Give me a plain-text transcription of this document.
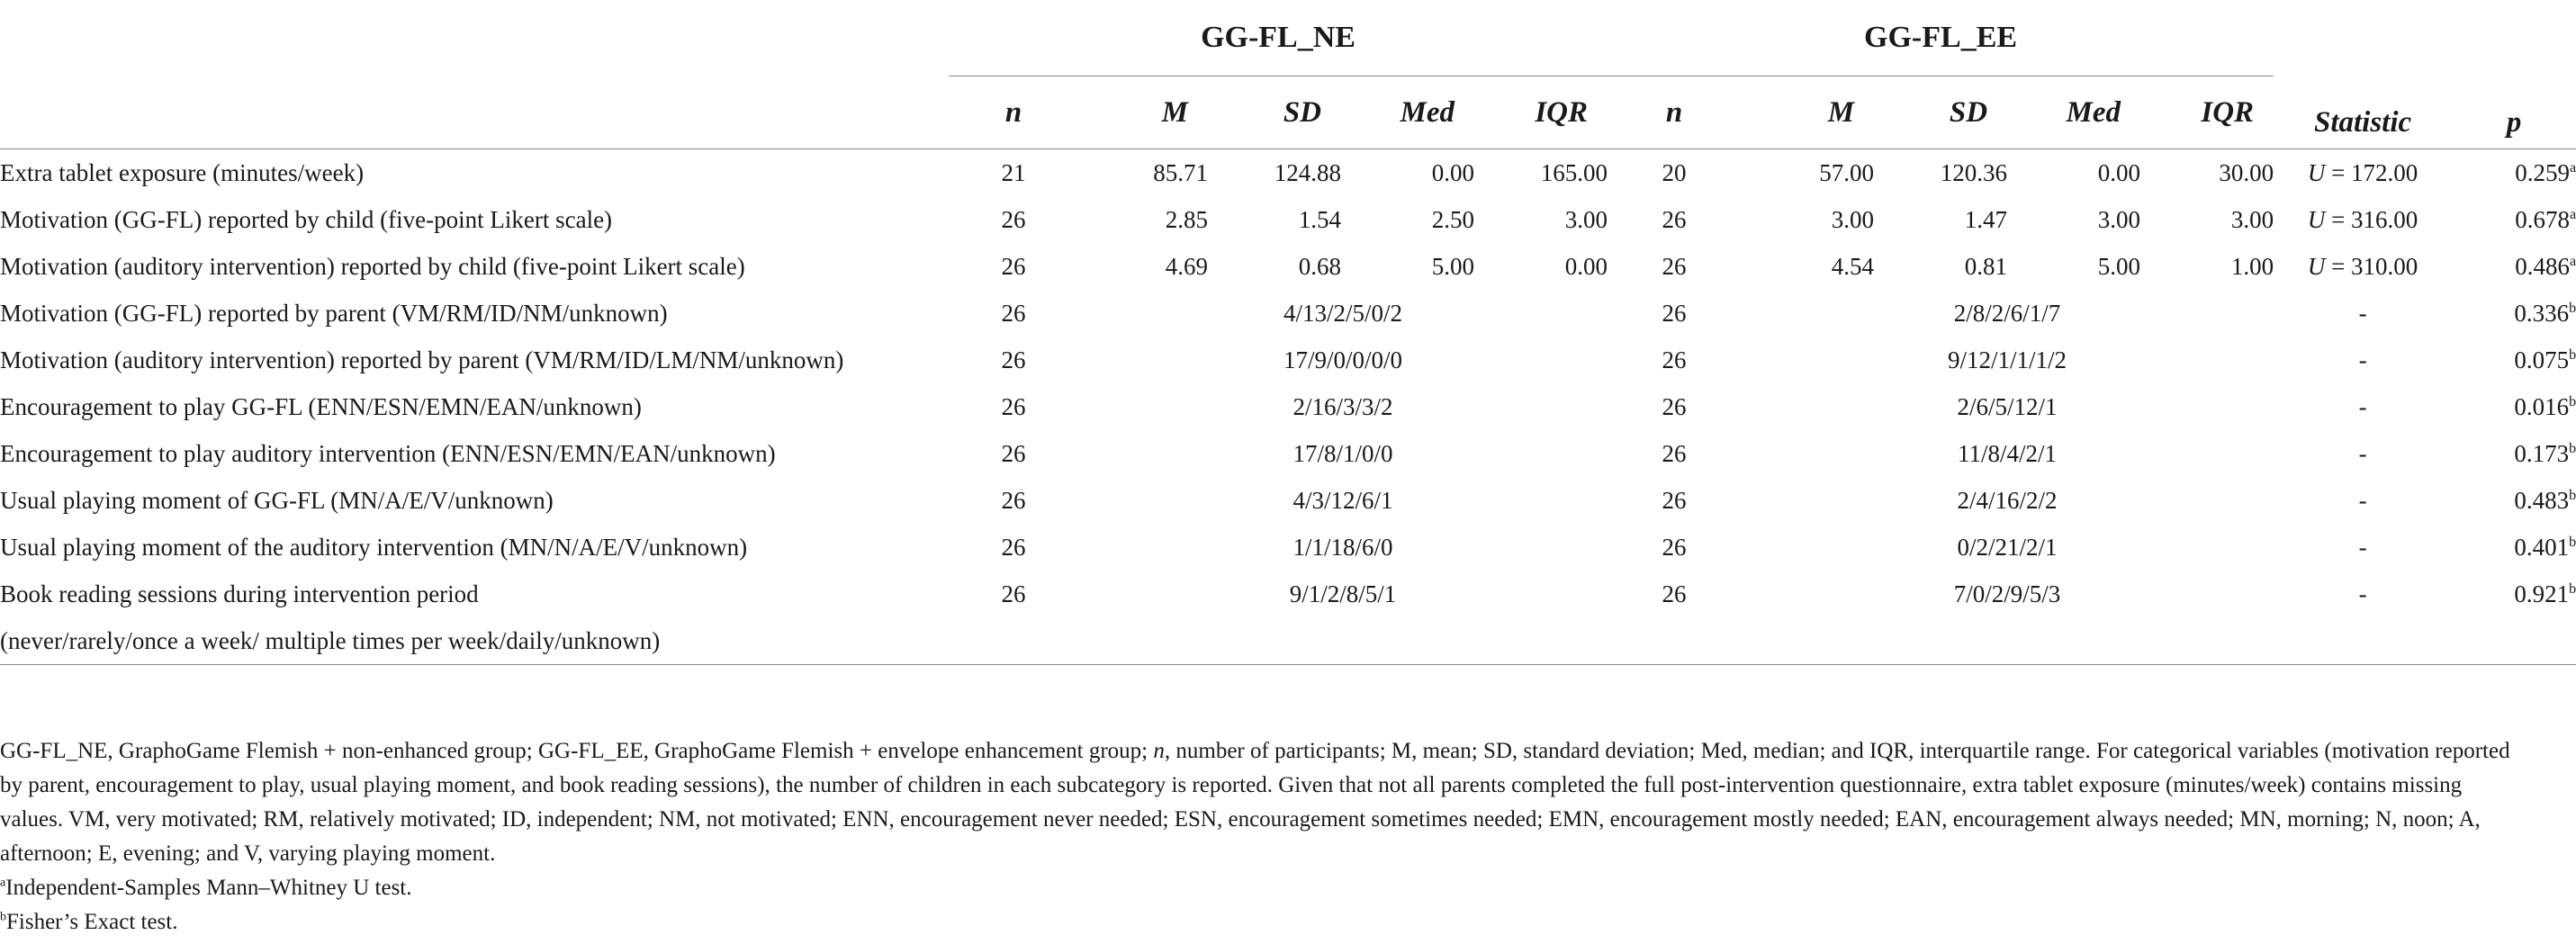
	GG-FL_NE					GG-FL_EE					Statistic	p
	n	M	SD	Med	IQR	n	M	SD	Med	IQR		
Extra tablet exposure (minutes/week)	21	85.71	124.88	0.00	165.00	20	57.00	120.36	0.00	30.00	U = 172.00	0.259$^a$
Motivation (GG-FL) reported by child (five-point Likert scale)	26	2.85	1.54	2.50	3.00	26	3.00	1.47	3.00	3.00	U = 316.00	0.678$^a$
Motivation (auditory intervention) reported by child (five-point Likert scale)	26	4.69	0.68	5.00	0.00	26	4.54	0.81	5.00	1.00	U = 310.00	0.486$^a$
Motivation (GG-FL) reported by parent (VM/RM/ID/NM/unknown)	26	4/13/2/5/0/2				26	2/8/2/6/1/7				-	0.336$^b$
Motivation (auditory intervention) reported by parent (VM/RM/ID/LM/NM/unknown)	26	17/9/0/0/0/0				26	9/12/1/1/1/2				-	0.075$^b$
Encouragement to play GG-FL (ENN/ESN/EMN/EAN/unknown)	26	2/16/3/3/2				26	2/6/5/12/1				-	0.016$^b$
Encouragement to play auditory intervention (ENN/ESN/EMN/EAN/unknown)	26	17/8/1/0/0				26	11/8/4/2/1				-	0.173$^b$
Usual playing moment of GG-FL (MN/A/E/V/unknown)	26	4/3/12/6/1				26	2/4/16/2/2				-	0.483$^b$
Usual playing moment of the auditory intervention (MN/N/A/E/V/unknown)	26	1/1/18/6/0				26	0/2/21/2/1				-	0.401$^b$
Book reading sessions during intervention period	26	9/1/2/8/5/1				26	7/0/2/9/5/3				-	0.921$^b$
(never/rarely/once a week/ multiple times per week/daily/unknown)												

GG-FL_NE, GraphoGame Flemish + non-enhanced group; GG-FL_EE, GraphoGame Flemish + envelope enhancement group; n, number of participants; M, mean; SD, standard deviation; Med, median; and IQR, interquartile range. For categorical variables (motivation reported by parent, encouragement to play, usual playing moment, and book reading sessions), the number of children in each subcategory is reported. Given that not all parents completed the full post-intervention questionnaire, extra tablet exposure (minutes/week) contains missing values. VM, very motivated; RM, relatively motivated; ID, independent; NM, not motivated; ENN, encouragement never needed; ESN, encouragement sometimes needed; EMN, encouragement mostly needed; EAN, encouragement always needed; MN, morning; N, noon; A, afternoon; E, evening; and V, varying playing moment.

$^a$Independent-Samples Mann–Whitney U test.

$^b$Fisher’s Exact test.
